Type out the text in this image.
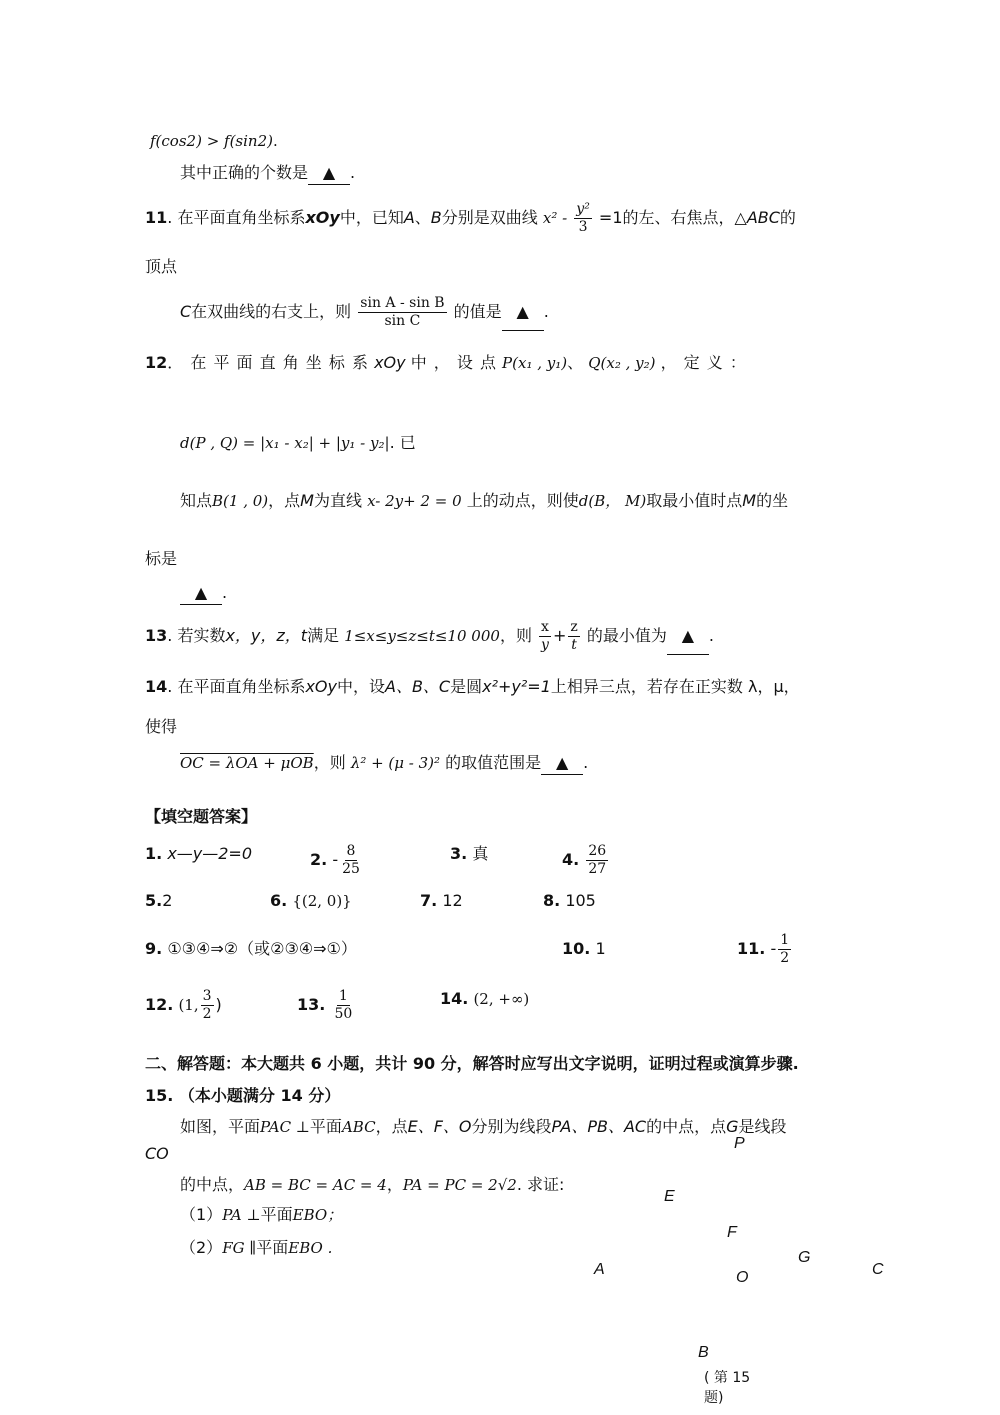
f(cos2) > f(sin2).
其中正确的个数是 ▲ .
11. 在平面直角坐标系xOy中，已知A、B分别是双曲线 $x^2 - \frac{\text{y²}}{3} =1$的左、右焦点，△ABC的
顶点
C在双曲线的右支上，则 $\frac{\text{sin A - sin B}}{\text{sin C}}$ 的值是 ▲ .
12． 在 平 面 直 角 坐 标 系 xOy 中 ， 设 点 P(x₁ , y₁)、 Q(x₂ , y₂) ， 定 义 ：
d(P , Q) = |x₁ - x₂| + |y₁ - y₂|. 已
知点B(1 , 0)，点M为直线 x- 2y+ 2 = 0 上的动点，则使d(B， M)取最小值时点M的坐
标是
▲ .
13. 若实数x，y，z，t满足 1≤x≤y≤z≤t≤10 000，则 $\frac{x}{y} + \frac{z}{t}$ 的最小值为 ▲ .
14. 在平面直角坐标系xOy中，设A、B、C是圆x²+y²=1上相异三点，若存在正实数 λ，μ，
使得
OC = λOA + μOB，则 λ² + (μ - 3)² 的取值范围是 ▲ .
【填空题答案】
1. x—y—2=0	2. - $\frac{8}{25}$	3. 真	4. $\frac{26}{27}$
5.2	6. {(2, 0)}	7. 12	8. 105
9. ①③④⇒②（或②③④⇒①）	10. 1	11. - $\frac{1}{2}$
12. (1, $\frac{3}{2}$ )	13. $\frac{1}{50}$	14. (2, +∞)
二、解答题：本大题共 6 小题，共计 90 分，解答时应写出文字说明，证明过程或演算步骤.
15. （本小题满分 14 分）
如图，平面PAC ⊥平面ABC，点E、F、O分别为线段PA、PB、AC的中点，点G是线段
CO
的中点，AB = BC = AC = 4，PA = PC = 2√2. 求证:
（1）PA ⊥平面EBO；
（2）FG ∥平面EBO .
P
E
F
G
A	O	C
B
( 第 15
题)
